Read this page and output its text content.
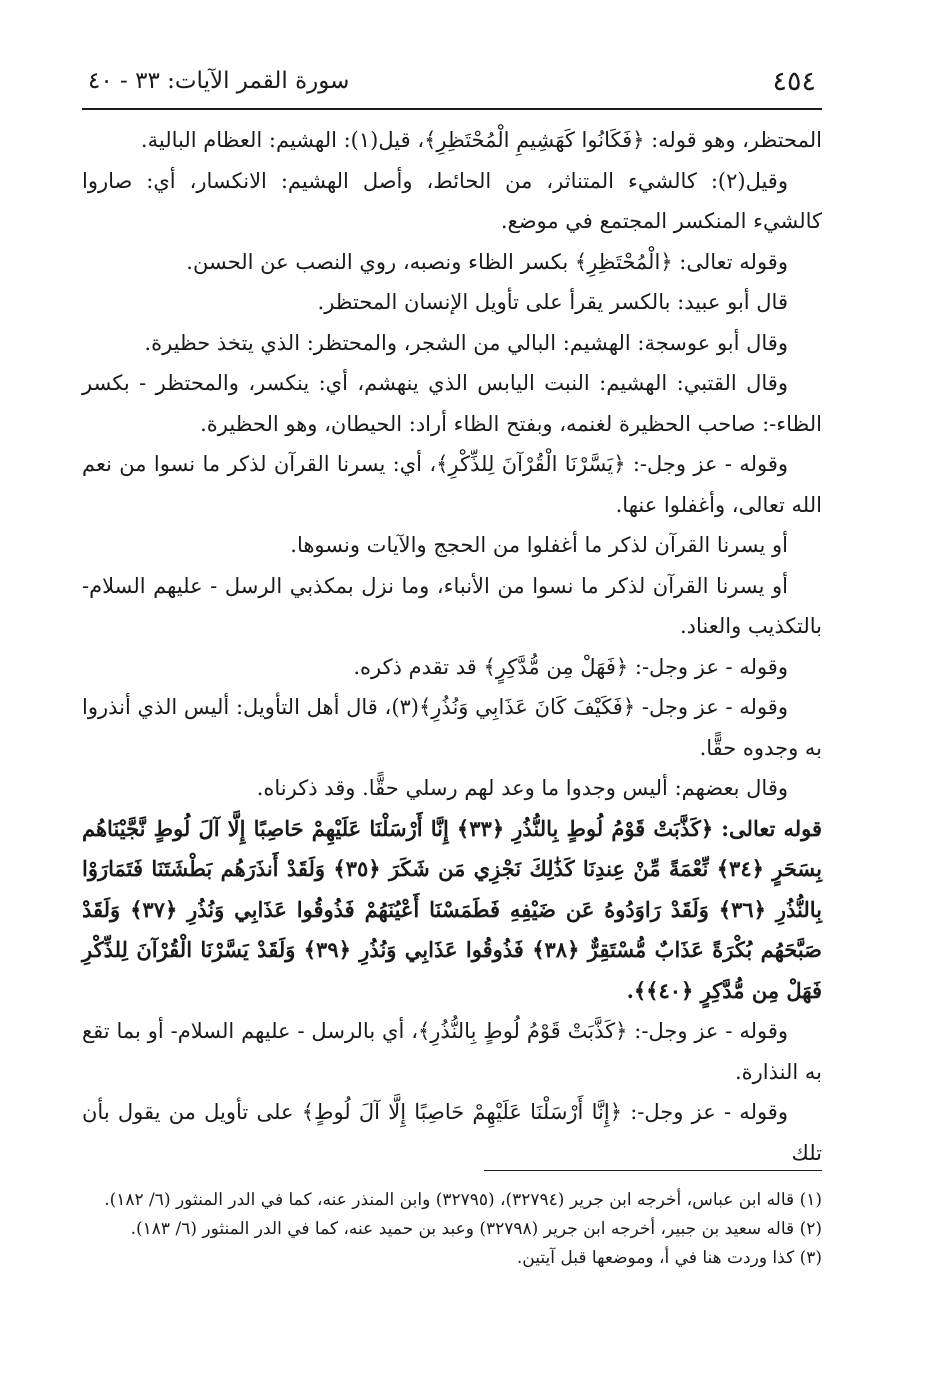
٤٥٤
سورة القمر الآيات: ٣٣ - ٤٠

المحتظر، وهو قوله: ﴿فَكَانُوا كَهَشِيمِ الْمُحْتَظِرِ﴾، قيل(١): الهشيم: العظام البالية.

وقيل(٢): كالشيء المتناثر، من الحائط، وأصل الهشيم: الانكسار، أي: صاروا كالشيء المنكسر المجتمع في موضع.

وقوله تعالى: ﴿الْمُحْتَظِرِ﴾ بكسر الظاء ونصبه، روي النصب عن الحسن.

قال أبو عبيد: بالكسر يقرأ على تأويل الإنسان المحتظر.

وقال أبو عوسجة: الهشيم: البالي من الشجر، والمحتظر: الذي يتخذ حظيرة.

وقال القتبي: الهشيم: النبت اليابس الذي ينهشم، أي: ينكسر، والمحتظر - بكسر الظاء-: صاحب الحظيرة لغنمه، وبفتح الظاء أراد: الحيطان، وهو الحظيرة.

وقوله - عز وجل-: ﴿يَسَّرْنَا الْقُرْآنَ لِلذِّكْرِ﴾، أي: يسرنا القرآن لذكر ما نسوا من نعم الله تعالى، وأغفلوا عنها.

أو يسرنا القرآن لذكر ما أغفلوا من الحجج والآيات ونسوها.

أو يسرنا القرآن لذكر ما نسوا من الأنباء، وما نزل بمكذبي الرسل - عليهم السلام- بالتكذيب والعناد.

وقوله - عز وجل-: ﴿فَهَلْ مِن مُّدَّكِرٍ﴾ قد تقدم ذكره.

وقوله - عز وجل- ﴿فَكَيْفَ كَانَ عَذَابِي وَنُذُرِ﴾(٣)، قال أهل التأويل: أليس الذي أنذروا به وجدوه حقًّا.

وقال بعضهم: أليس وجدوا ما وعد لهم رسلي حقًّا. وقد ذكرناه.

قوله تعالى: ﴿كَذَّبَتْ قَوْمُ لُوطٍ بِالنُّذُرِ ﴿٣٣﴾ إِنَّا أَرْسَلْنَا عَلَيْهِمْ حَاصِبًا إِلَّا آلَ لُوطٍ نَّجَّيْنَاهُم بِسَحَرٍ ﴿٣٤﴾ نِّعْمَةً مِّنْ عِندِنَا كَذَٰلِكَ نَجْزِي مَن شَكَرَ ﴿٣٥﴾ وَلَقَدْ أَنذَرَهُم بَطْشَتَنَا فَتَمَارَوْا بِالنُّذُرِ ﴿٣٦﴾ وَلَقَدْ رَاوَدُوهُ عَن ضَيْفِهِ فَطَمَسْنَا أَعْيُنَهُمْ فَذُوقُوا عَذَابِي وَنُذُرِ ﴿٣٧﴾ وَلَقَدْ صَبَّحَهُم بُكْرَةً عَذَابٌ مُّسْتَقِرٌّ ﴿٣٨﴾ فَذُوقُوا عَذَابِي وَنُذُرِ ﴿٣٩﴾ وَلَقَدْ يَسَّرْنَا الْقُرْآنَ لِلذِّكْرِ فَهَلْ مِن مُّدَّكِرٍ ﴿٤٠﴾﴾.

وقوله - عز وجل-: ﴿كَذَّبَتْ قَوْمُ لُوطٍ بِالنُّذُرِ﴾، أي بالرسل - عليهم السلام- أو بما تقع به النذارة.

وقوله - عز وجل-: ﴿إِنَّا أَرْسَلْنَا عَلَيْهِمْ حَاصِبًا إِلَّا آلَ لُوطٍ﴾ على تأويل من يقول بأن تلك

(١) قاله ابن عباس، أخرجه ابن جرير (٣٢٧٩٤)، (٣٢٧٩٥) وابن المنذر عنه، كما في الدر المنثور (٦/ ١٨٢).

(٢) قاله سعيد بن جبير، أخرجه ابن جرير (٣٢٧٩٨) وعبد بن حميد عنه، كما في الدر المنثور (٦/ ١٨٣).

(٣) كذا وردت هنا في أ، وموضعها قبل آيتين.
